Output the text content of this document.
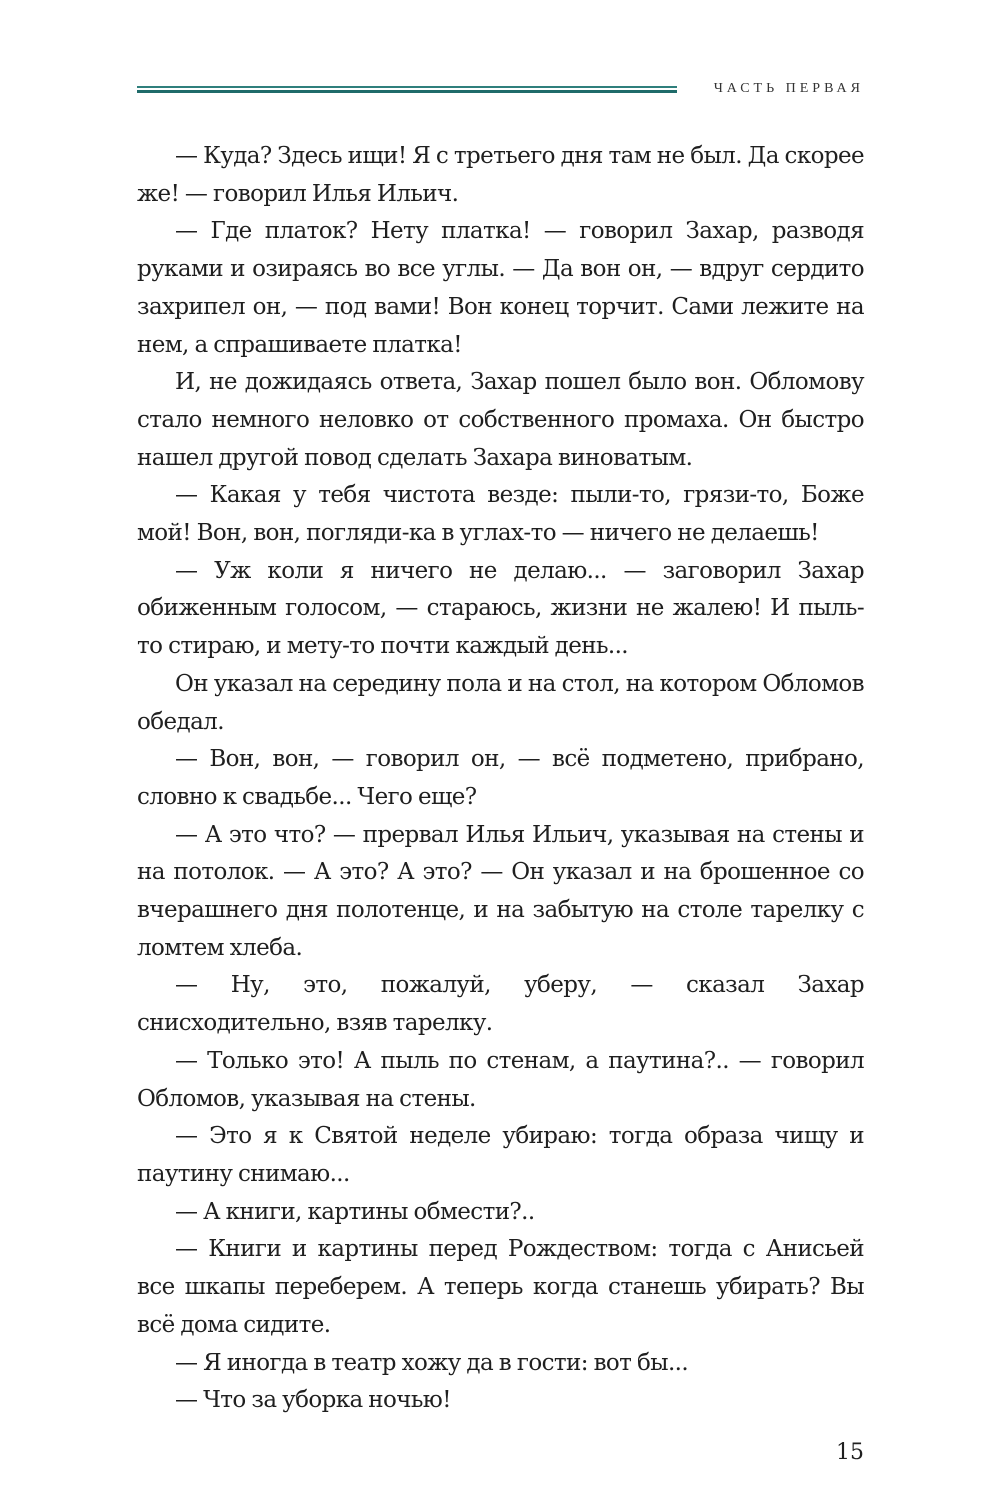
ЧАСТЬ ПЕРВАЯ

— Куда? Здесь ищи! Я с третьего дня там не был. Да скорее же! — говорил Илья Ильич.

— Где платок? Нету платка! — говорил Захар, разводя руками и озираясь во все углы. — Да вон он, — вдруг сердито захрипел он, — под вами! Вон конец торчит. Сами лежите на нем, а спрашиваете платка!

И, не дожидаясь ответа, Захар пошел было вон. Обломову стало немного неловко от собственного промаха. Он быстро нашел другой повод сделать Захара виноватым.

— Какая у тебя чистота везде: пыли-то, грязи-то, Боже мой! Вон, вон, погляди-ка в углах-то — ничего не делаешь!

— Уж коли я ничего не делаю... — заговорил Захар обиженным голосом, — стараюсь, жизни не жалею! И пыль-то стираю, и мету-то почти каждый день...

Он указал на середину пола и на стол, на котором Обломов обедал.

— Вон, вон, — говорил он, — всё подметено, прибрано, словно к свадьбе... Чего еще?

— А это что? — прервал Илья Ильич, указывая на стены и на потолок. — А это? А это? — Он указал и на брошенное со вчерашнего дня полотенце, и на забытую на столе тарелку с ломтем хлеба.

— Ну, это, пожалуй, уберу, — сказал Захар снисходительно, взяв тарелку.

— Только это! А пыль по стенам, а паутина?.. — говорил Обломов, указывая на стены.

— Это я к Святой неделе убираю: тогда образа чищу и паутину снимаю...

— А книги, картины обмести?..

— Книги и картины перед Рождеством: тогда с Анисьей все шкапы переберем. А теперь когда станешь убирать? Вы всё дома сидите.

— Я иногда в театр хожу да в гости: вот бы...

— Что за уборка ночью!

15
